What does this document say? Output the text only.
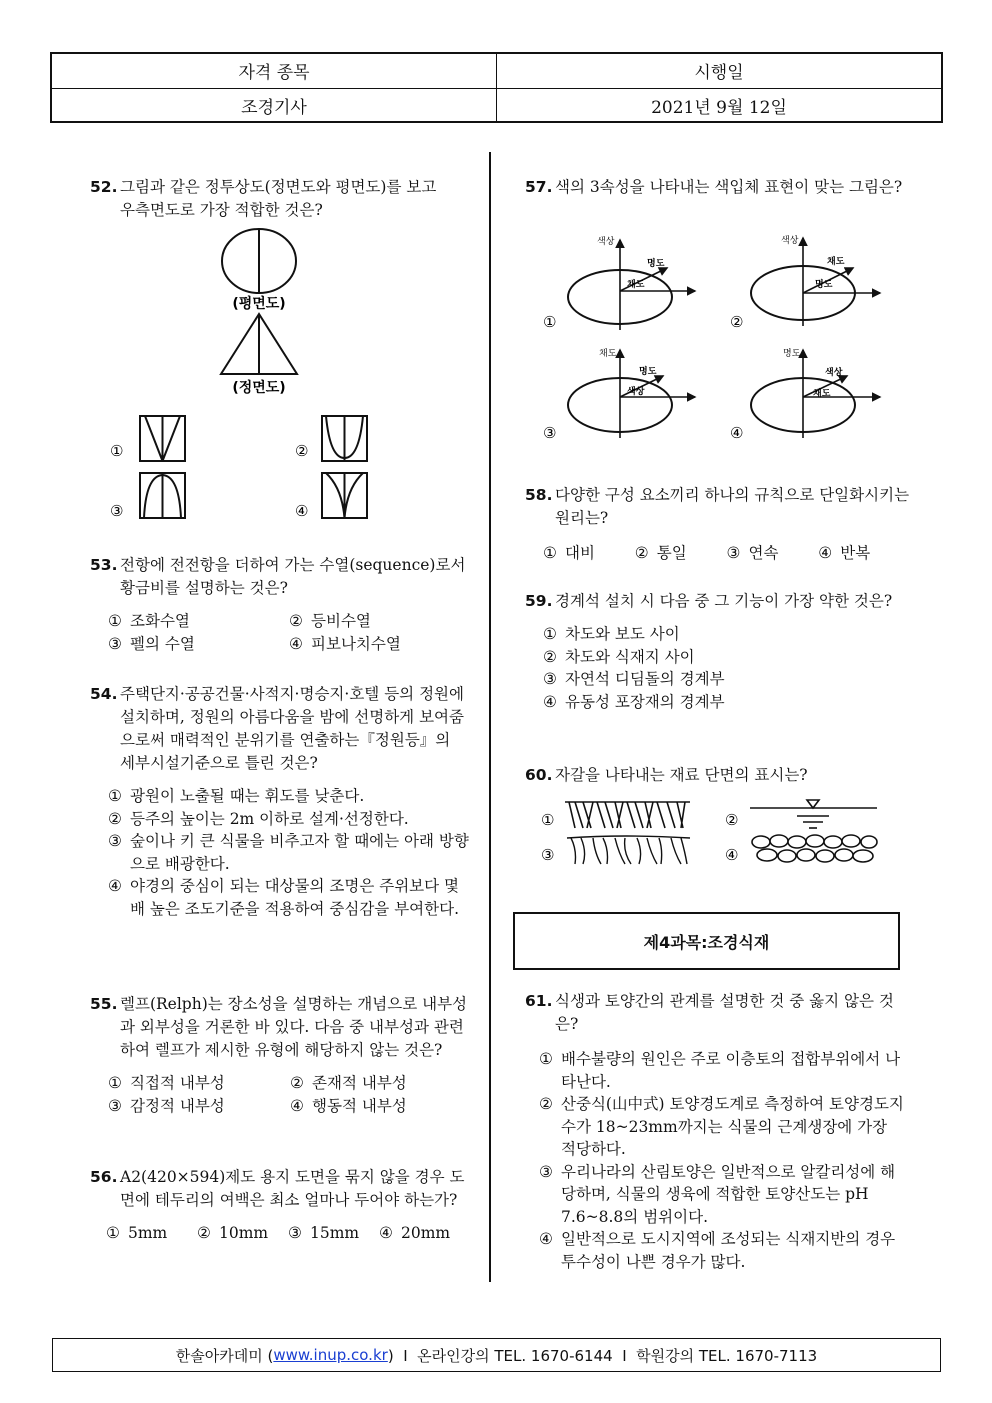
자격 종목	시행일
조경기사	2021년 9월 12일
52. 그림과 같은 정투상도(정면도와 평면도)를 보고 우측면도로 가장 적합한 것은?
(평면도)
(정면도)
①	②
③	④
53. 전항에 전전항을 더하여 가는 수열(sequence)로서 황금비를 설명하는 것은?
① 조화수열	② 등비수열
③ 펠의 수열	④ 피보나치수열
54. 주택단지·공공건물·사적지·명승지·호텔 등의 정원에 설치하며, 정원의 아름다움을 밤에 선명하게 보여줌으로써 매력적인 분위기를 연출하는『정원등』의 세부시설기준으로 틀린 것은?
① 광원이 노출될 때는 휘도를 낮춘다.
② 등주의 높이는 2m 이하로 설계·선정한다.
③ 숲이나 키 큰 식물을 비추고자 할 때에는 아래 방향으로 배광한다.
④ 야경의 중심이 되는 대상물의 조명은 주위보다 몇 배 높은 조도기준을 적용하여 중심감을 부여한다.
55. 렐프(Relph)는 장소성을 설명하는 개념으로 내부성과 외부성을 거론한 바 있다. 다음 중 내부성과 관련하여 렐프가 제시한 유형에 해당하지 않는 것은?
① 직접적 내부성	② 존재적 내부성
③ 감정적 내부성	④ 행동적 내부성
56. A2(420×594)제도 용지 도면을 묶지 않을 경우 도면에 테두리의 여백은 최소 얼마나 두어야 하는가?
① 5mm ② 10mm ③ 15mm ④ 20mm
57. 색의 3속성을 나타내는 색입체 표현이 맞는 그림은?
①
색상
명도
채도
②
색상
채도
명도
③
채도
명도
색상
④
명도
색상
채도
58. 다양한 구성 요소끼리 하나의 규칙으로 단일화시키는 원리는?
① 대비	② 통일	③ 연속	④ 반복
59. 경계석 설치 시 다음 중 그 기능이 가장 약한 것은?
① 차도와 보도 사이
② 차도와 식재지 사이
③ 자연석 디딤돌의 경계부
④ 유동성 포장재의 경계부
60. 자갈을 나타내는 재료 단면의 표시는?
①	②
③	④
제4과목:조경식재
61. 식생과 토양간의 관계를 설명한 것 중 옳지 않은 것은?
① 배수불량의 원인은 주로 이층토의 접합부위에서 나타난다.
② 산중식(山中式) 토양경도계로 측정하여 토양경도지수가 18~23mm까지는 식물의 근계생장에 가장 적당하다.
③ 우리나라의 산림토양은 일반적으로 알칼리성에 해당하며, 식물의 생육에 적합한 토양산도는 pH 7.6~8.8의 범위이다.
④ 일반적으로 도시지역에 조성되는 식재지반의 경우 투수성이 나쁜 경우가 많다.
한솔아카데미 ( www.inup.co.kr )  I  온라인강의 TEL. 1670-6144  I  학원강의 TEL. 1670-7113
